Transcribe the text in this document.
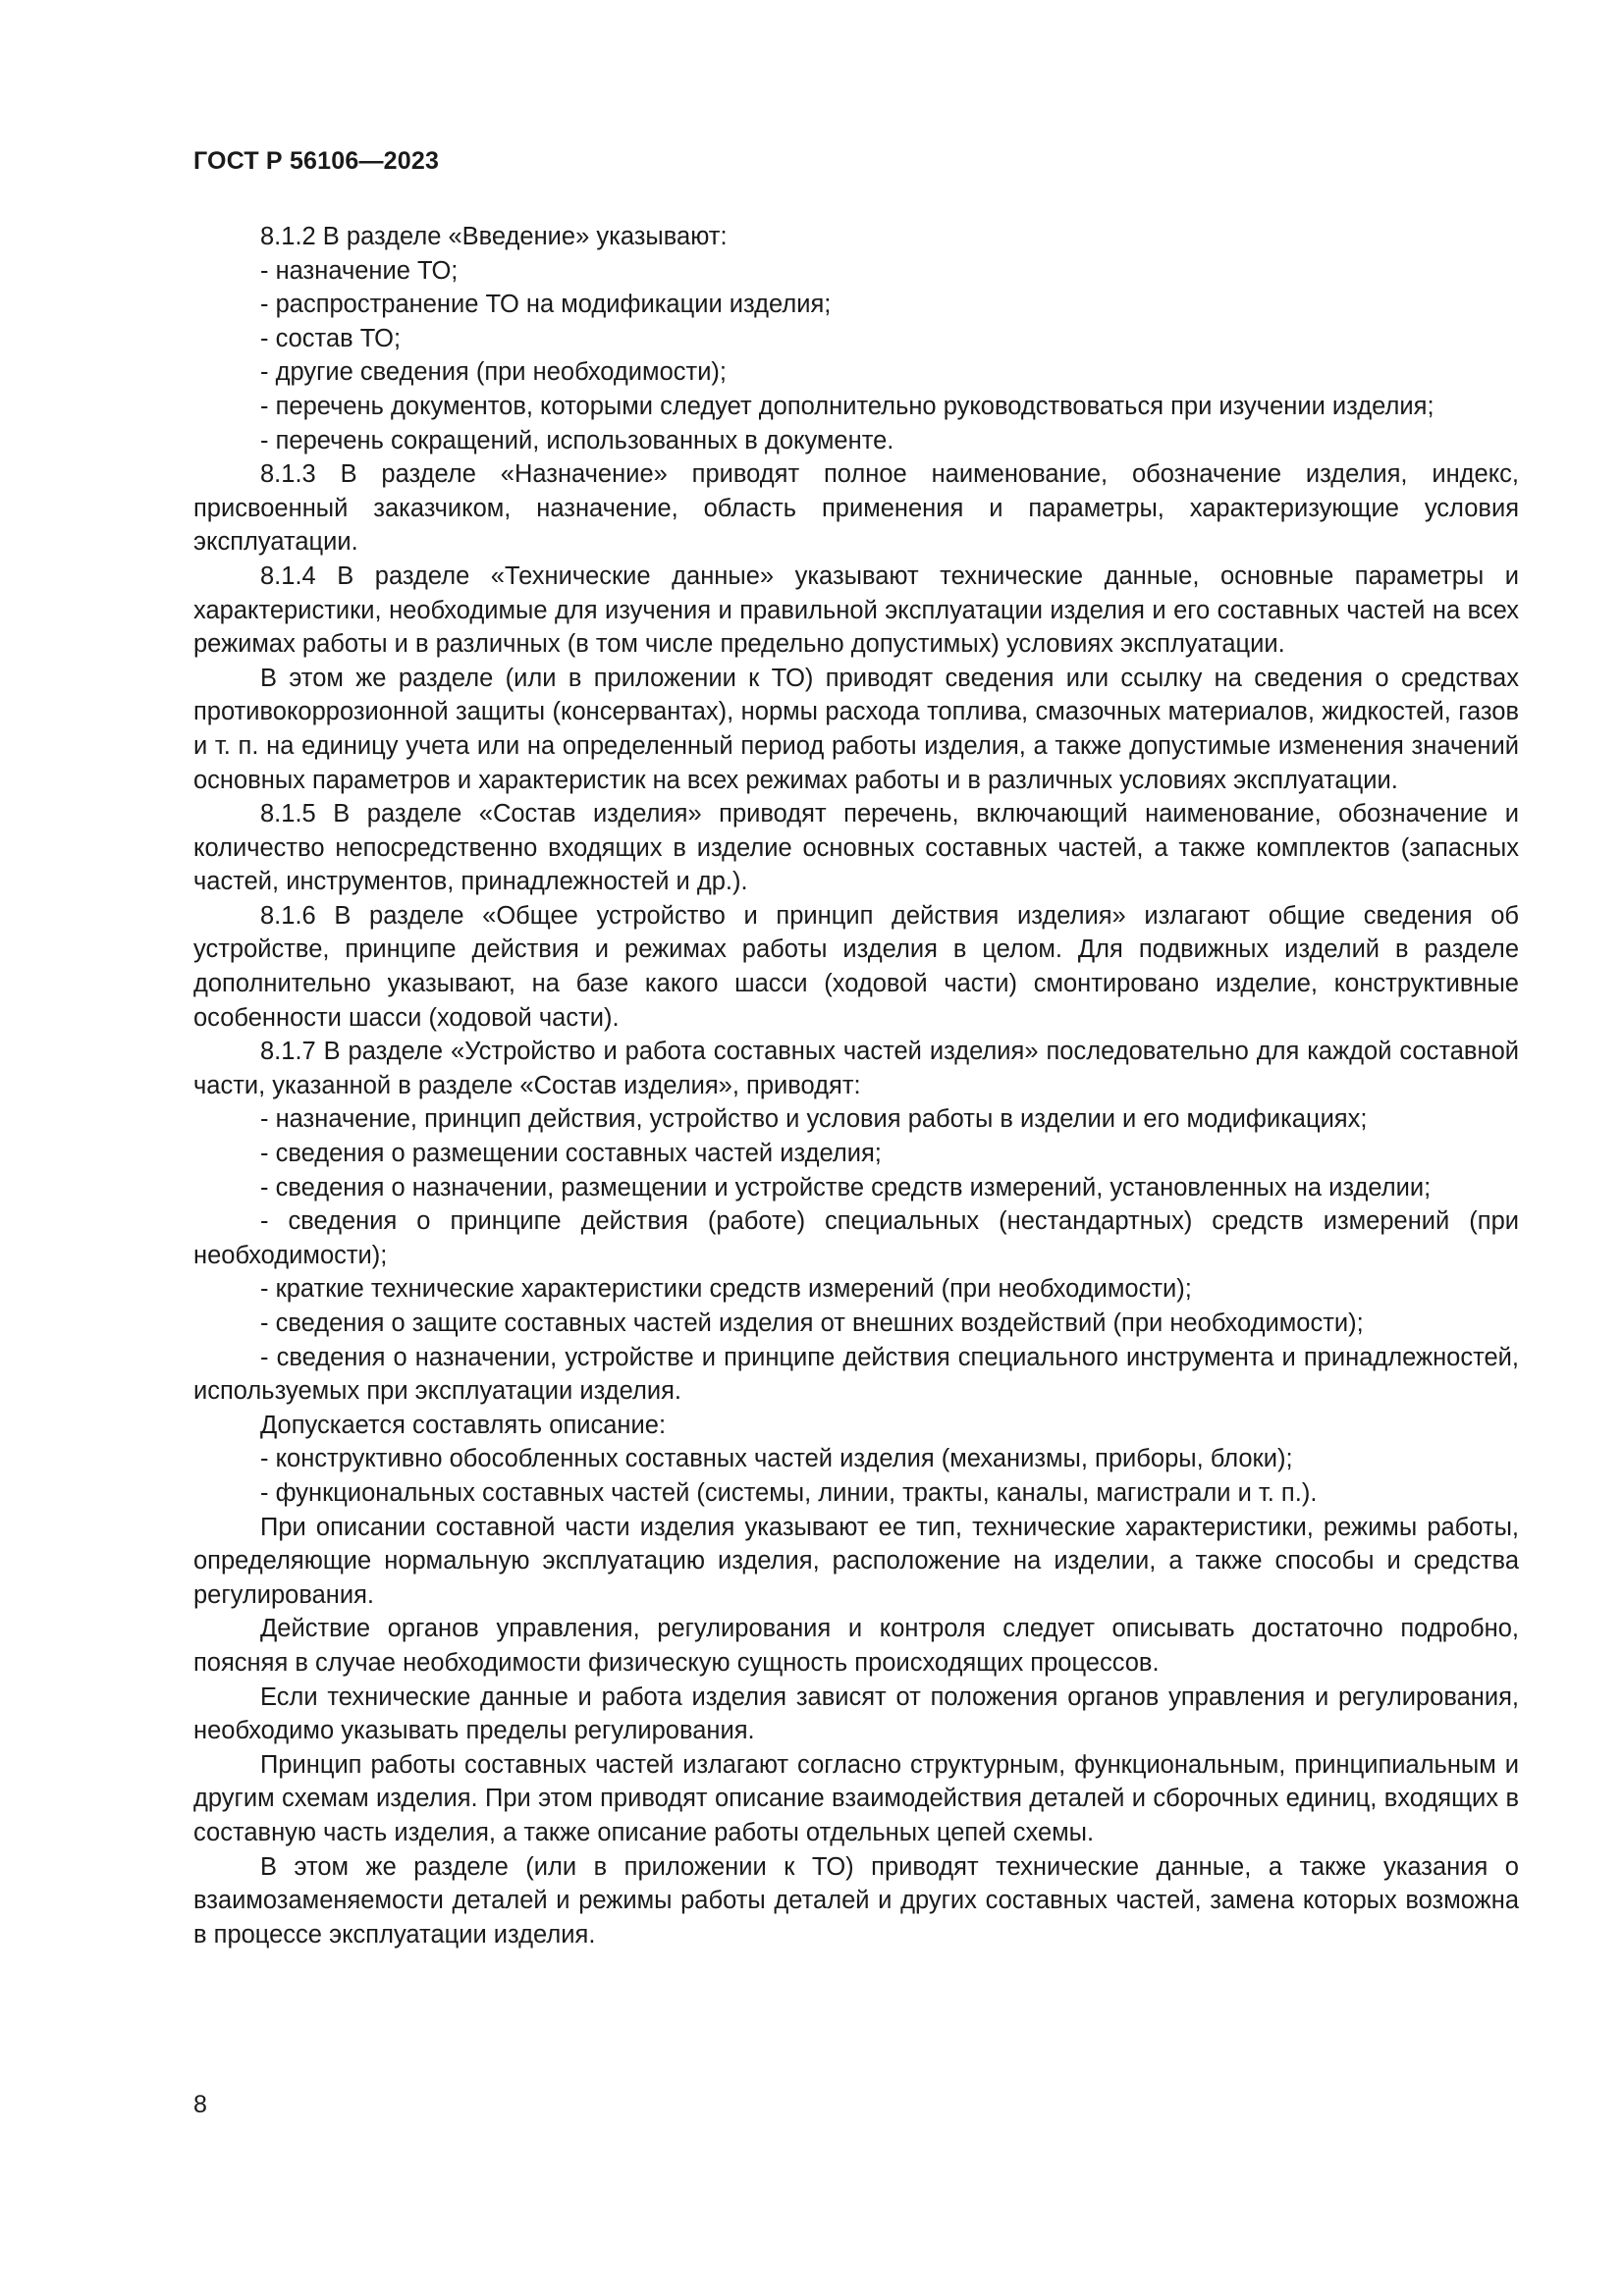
ГОСТ Р 56106—2023

8.1.2 В разделе «Введение» указывают:

- назначение ТО;

- распространение ТО на модификации изделия;

- состав ТО;

- другие сведения (при необходимости);

- перечень документов, которыми следует дополнительно руководствоваться при изучении изделия;

- перечень сокращений, использованных в документе.

8.1.3 В разделе «Назначение» приводят полное наименование, обозначение изделия, индекс, присвоенный заказчиком, назначение, область применения и параметры, характеризующие условия эксплуатации.

8.1.4 В разделе «Технические данные» указывают технические данные, основные параметры и характеристики, необходимые для изучения и правильной эксплуатации изделия и его составных частей на всех режимах работы и в различных (в том числе предельно допустимых) условиях эксплуатации.

В этом же разделе (или в приложении к ТО) приводят сведения или ссылку на сведения о средствах противокоррозионной защиты (консервантах), нормы расхода топлива, смазочных материалов, жидкостей, газов и т. п. на единицу учета или на определенный период работы изделия, а также допустимые изменения значений основных параметров и характеристик на всех режимах работы и в различных условиях эксплуатации.

8.1.5 В разделе «Состав изделия» приводят перечень, включающий наименование, обозначение и количество непосредственно входящих в изделие основных составных частей, а также комплектов (запасных частей, инструментов, принадлежностей и др.).

8.1.6 В разделе «Общее устройство и принцип действия изделия» излагают общие сведения об устройстве, принципе действия и режимах работы изделия в целом. Для подвижных изделий в разделе дополнительно указывают, на базе какого шасси (ходовой части) смонтировано изделие, конструктивные особенности шасси (ходовой части).

8.1.7 В разделе «Устройство и работа составных частей изделия» последовательно для каждой составной части, указанной в разделе «Состав изделия», приводят:

- назначение, принцип действия, устройство и условия работы в изделии и его модификациях;

- сведения о размещении составных частей изделия;

- сведения о назначении, размещении и устройстве средств измерений, установленных на изделии;

- сведения о принципе действия (работе) специальных (нестандартных) средств измерений (при необходимости);

- краткие технические характеристики средств измерений (при необходимости);

- сведения о защите составных частей изделия от внешних воздействий (при необходимости);

- сведения о назначении, устройстве и принципе действия специального инструмента и принадлежностей, используемых при эксплуатации изделия.

Допускается составлять описание:

- конструктивно обособленных составных частей изделия (механизмы, приборы, блоки);

- функциональных составных частей (системы, линии, тракты, каналы, магистрали и т. п.).

При описании составной части изделия указывают ее тип, технические характеристики, режимы работы, определяющие нормальную эксплуатацию изделия, расположение на изделии, а также способы и средства регулирования.

Действие органов управления, регулирования и контроля следует описывать достаточно подробно, поясняя в случае необходимости физическую сущность происходящих процессов.

Если технические данные и работа изделия зависят от положения органов управления и регулирования, необходимо указывать пределы регулирования.

Принцип работы составных частей излагают согласно структурным, функциональным, принципиальным и другим схемам изделия. При этом приводят описание взаимодействия деталей и сборочных единиц, входящих в составную часть изделия, а также описание работы отдельных цепей схемы.

В этом же разделе (или в приложении к ТО) приводят технические данные, а также указания о взаимозаменяемости деталей и режимы работы деталей и других составных частей, замена которых возможна в процессе эксплуатации изделия.

8
